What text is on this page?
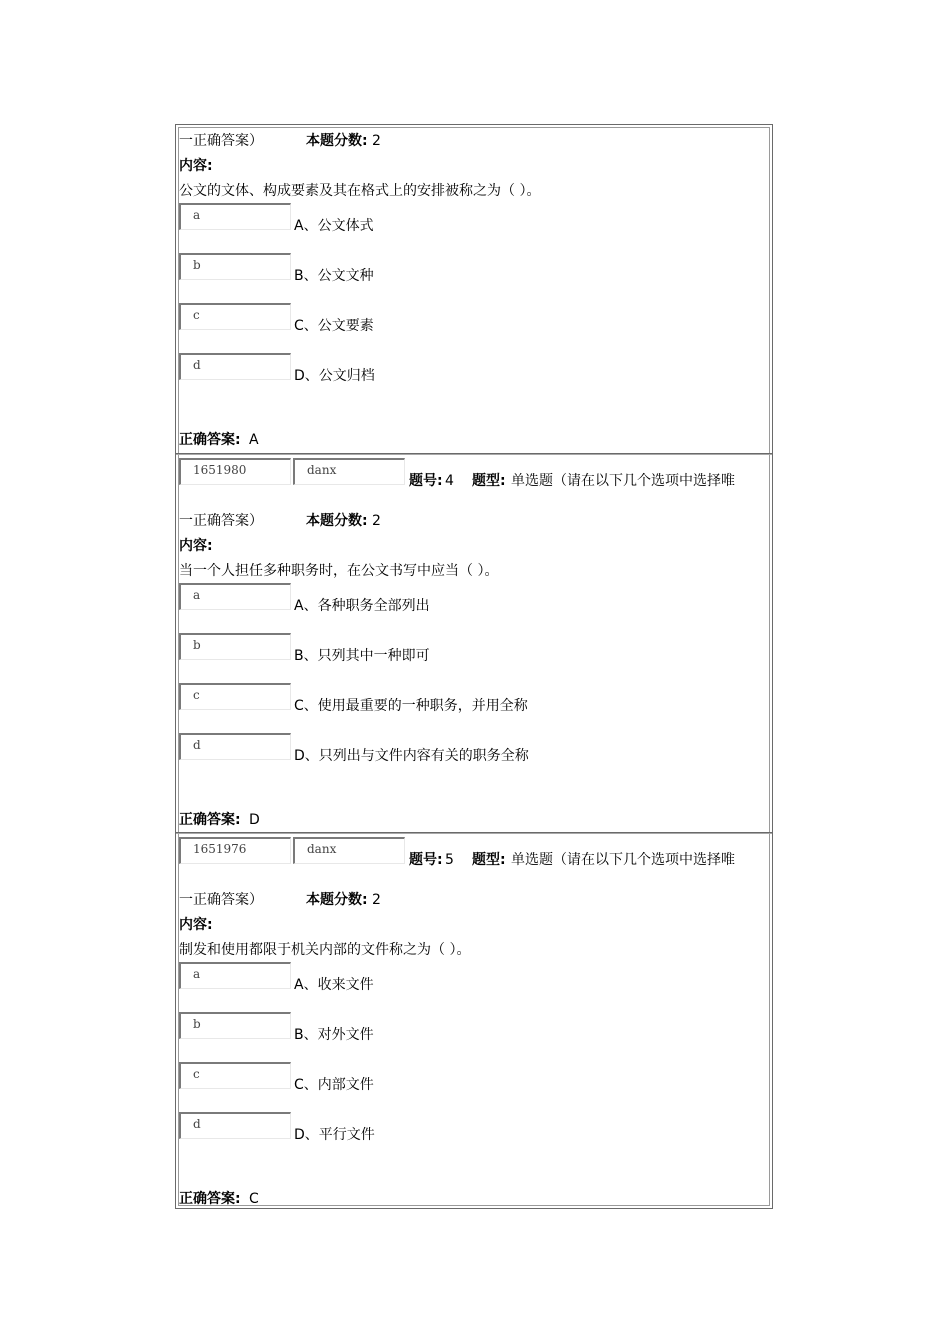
一正确答案）	本题分数: 2
内容:
公文的文体、构成要素及其在格式上的安排被称之为（ ）。
a
A、公文体式
b
B、公文文种
c
C、公文要素
d
D、公文归档
正确答案: A
1651980	danx
题号: 4 题型: 单选题（请在以下几个选项中选择唯
一正确答案）	本题分数: 2
内容:
当一个人担任多种职务时，在公文书写中应当（ ）。
a
A、各种职务全部列出
b
B、只列其中一种即可
c
C、使用最重要的一种职务，并用全称
d
D、只列出与文件内容有关的职务全称
正确答案: D
1651976	danx
题号: 5 题型: 单选题（请在以下几个选项中选择唯
一正确答案）	本题分数: 2
内容:
制发和使用都限于机关内部的文件称之为（ ）。
a
A、收来文件
b
B、对外文件
c
C、内部文件
d
D、平行文件
正确答案: C
